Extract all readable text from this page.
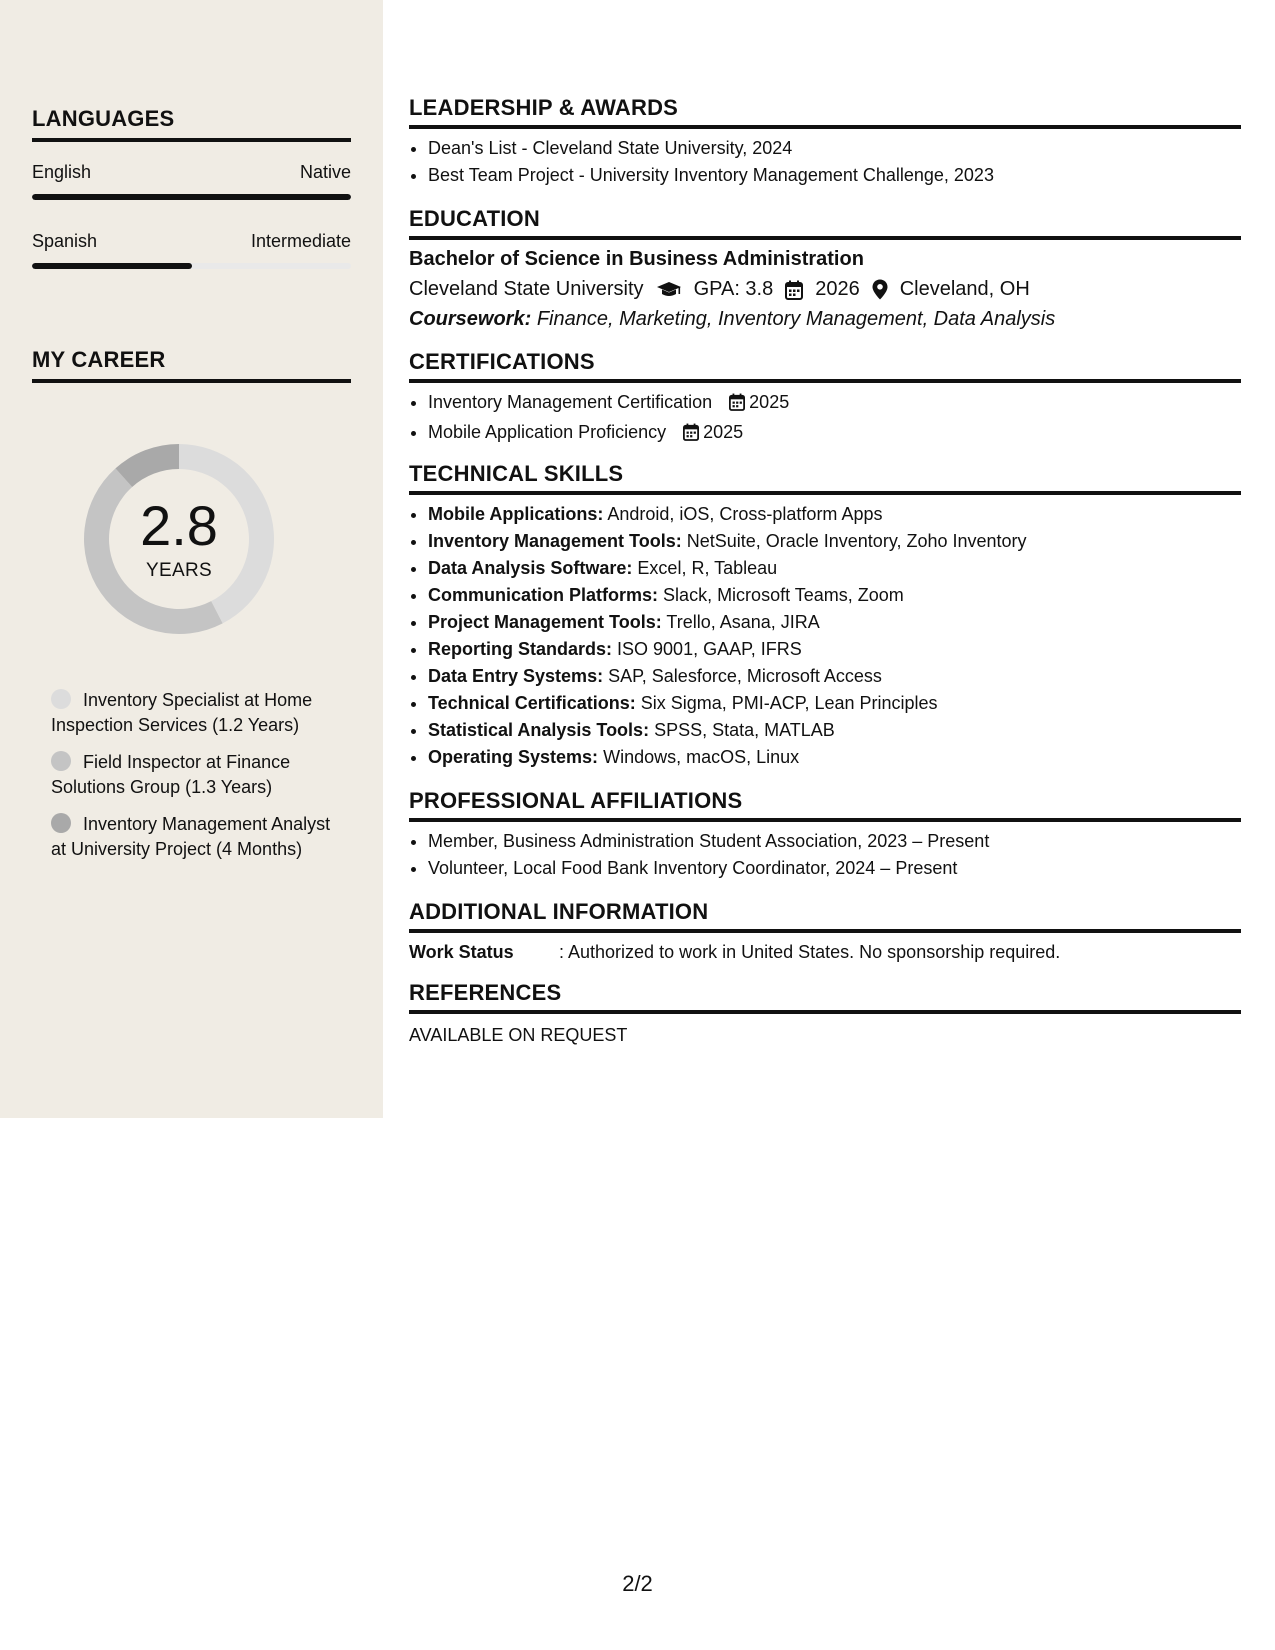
LANGUAGES
English	Native
Spanish	Intermediate
MY CAREER
2.8
YEARS
Inventory Specialist at Home Inspection Services (1.2 Years)
Field Inspector at Finance Solutions Group (1.3 Years)
Inventory Management Analyst at University Project (4 Months)
LEADERSHIP & AWARDS
• Dean's List - Cleveland State University, 2024
• Best Team Project - University Inventory Management Challenge, 2023
EDUCATION
Bachelor of Science in Business Administration
Cleveland State University	GPA: 3.8 2026 Cleveland, OH
Coursework: Finance, Marketing, Inventory Management, Data Analysis
CERTIFICATIONS
• Inventory Management Certification 2025
• Mobile Application Proficiency 2025
TECHNICAL SKILLS
• Mobile Applications: Android, iOS, Cross-platform Apps
• Inventory Management Tools: NetSuite, Oracle Inventory, Zoho Inventory
• Data Analysis Software: Excel, R, Tableau
• Communication Platforms: Slack, Microsoft Teams, Zoom
• Project Management Tools: Trello, Asana, JIRA
• Reporting Standards: ISO 9001, GAAP, IFRS
• Data Entry Systems: SAP, Salesforce, Microsoft Access
• Technical Certifications: Six Sigma, PMI-ACP, Lean Principles
• Statistical Analysis Tools: SPSS, Stata, MATLAB
• Operating Systems: Windows, macOS, Linux
PROFESSIONAL AFFILIATIONS
• Member, Business Administration Student Association, 2023 – Present
• Volunteer, Local Food Bank Inventory Coordinator, 2024 – Present
ADDITIONAL INFORMATION
Work Status	: Authorized to work in United States. No sponsorship required.
REFERENCES
AVAILABLE ON REQUEST
2/2
